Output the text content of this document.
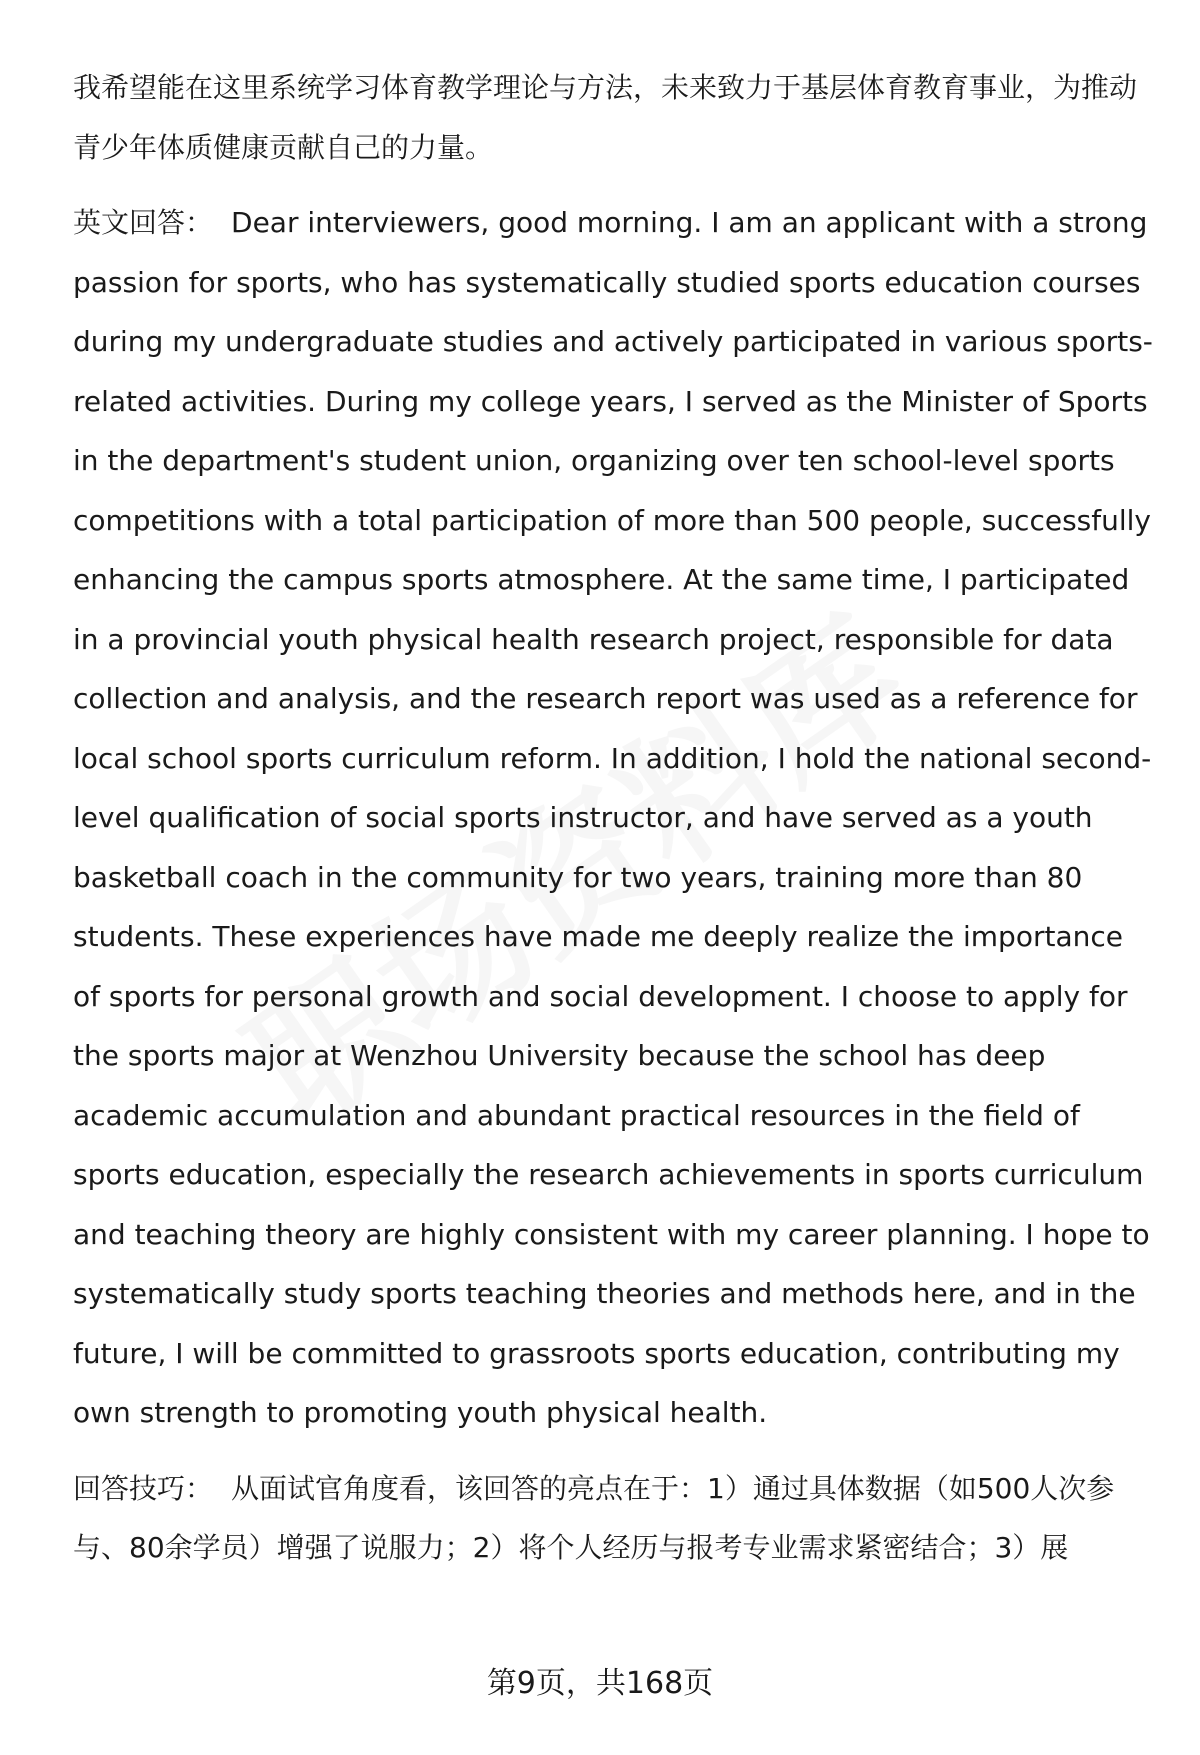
我希望能在这里系统学习体育教学理论与方法，未来致力于基层体育教育事业，为推动青少年体质健康贡献自己的力量。

英文回答： Dear interviewers, good morning. I am an applicant with a strong passion for sports, who has systematically studied sports education courses during my undergraduate studies and actively participated in various sports-related activities. During my college years, I served as the Minister of Sports in the department's student union, organizing over ten school-level sports competitions with a total participation of more than 500 people, successfully enhancing the campus sports atmosphere. At the same time, I participated in a provincial youth physical health research project, responsible for data collection and analysis, and the research report was used as a reference for local school sports curriculum reform. In addition, I hold the national second-level qualification of social sports instructor, and have served as a youth basketball coach in the community for two years, training more than 80 students. These experiences have made me deeply realize the importance of sports for personal growth and social development. I choose to apply for the sports major at Wenzhou University because the school has deep academic accumulation and abundant practical resources in the field of sports education, especially the research achievements in sports curriculum and teaching theory are highly consistent with my career planning. I hope to systematically study sports teaching theories and methods here, and in the future, I will be committed to grassroots sports education, contributing my own strength to promoting youth physical health.

回答技巧： 从面试官角度看，该回答的亮点在于：1）通过具体数据（如500人次参与、80余学员）增强了说服力；2）将个人经历与报考专业需求紧密结合；3）展

第9页，共168页
